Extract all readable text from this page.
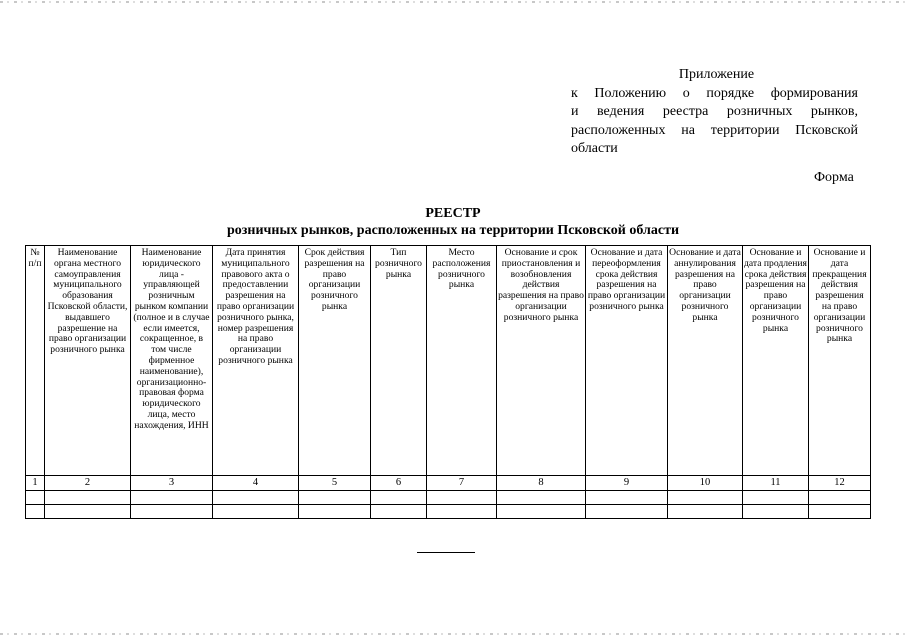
Приложение
к Положению о порядке формирования
и ведения реестра розничных рынков,
расположенных на территории Псковской
области
Форма
РЕЕСТР
розничных рынков, расположенных на территории Псковской области
№ п/п	Наименование органа местного самоуправления муниципального образования Псковской области, выдавшего разрешение на право организации розничного рынка	Наименование юридического лица - управляющей розничным рынком компании (полное и в случае если имеется, сокращенное, в том числе фирменное наименование), организационно-правовая форма юридического лица, место нахождения, ИНН	Дата принятия муниципального правового акта о предоставлении разрешения на право организации розничного рынка, номер разрешения на право организации розничного рынка	Срок действия разрешения на право организации розничного рынка	Тип розничного рынка	Место расположения розничного рынка	Основание и срок приостановления и возобновления действия разрешения на право организации розничного рынка	Основание и дата переоформления срока действия разрешения на право организации розничного рынка	Основание и дата аннулирования разрешения на право организации розничного рынка	Основание и дата продления срока действия разрешения на право организации розничного рынка	Основание и дата прекращения действия разрешения на право организации розничного рынка
1	2	3	4	5	6	7	8	9	10	11	12
